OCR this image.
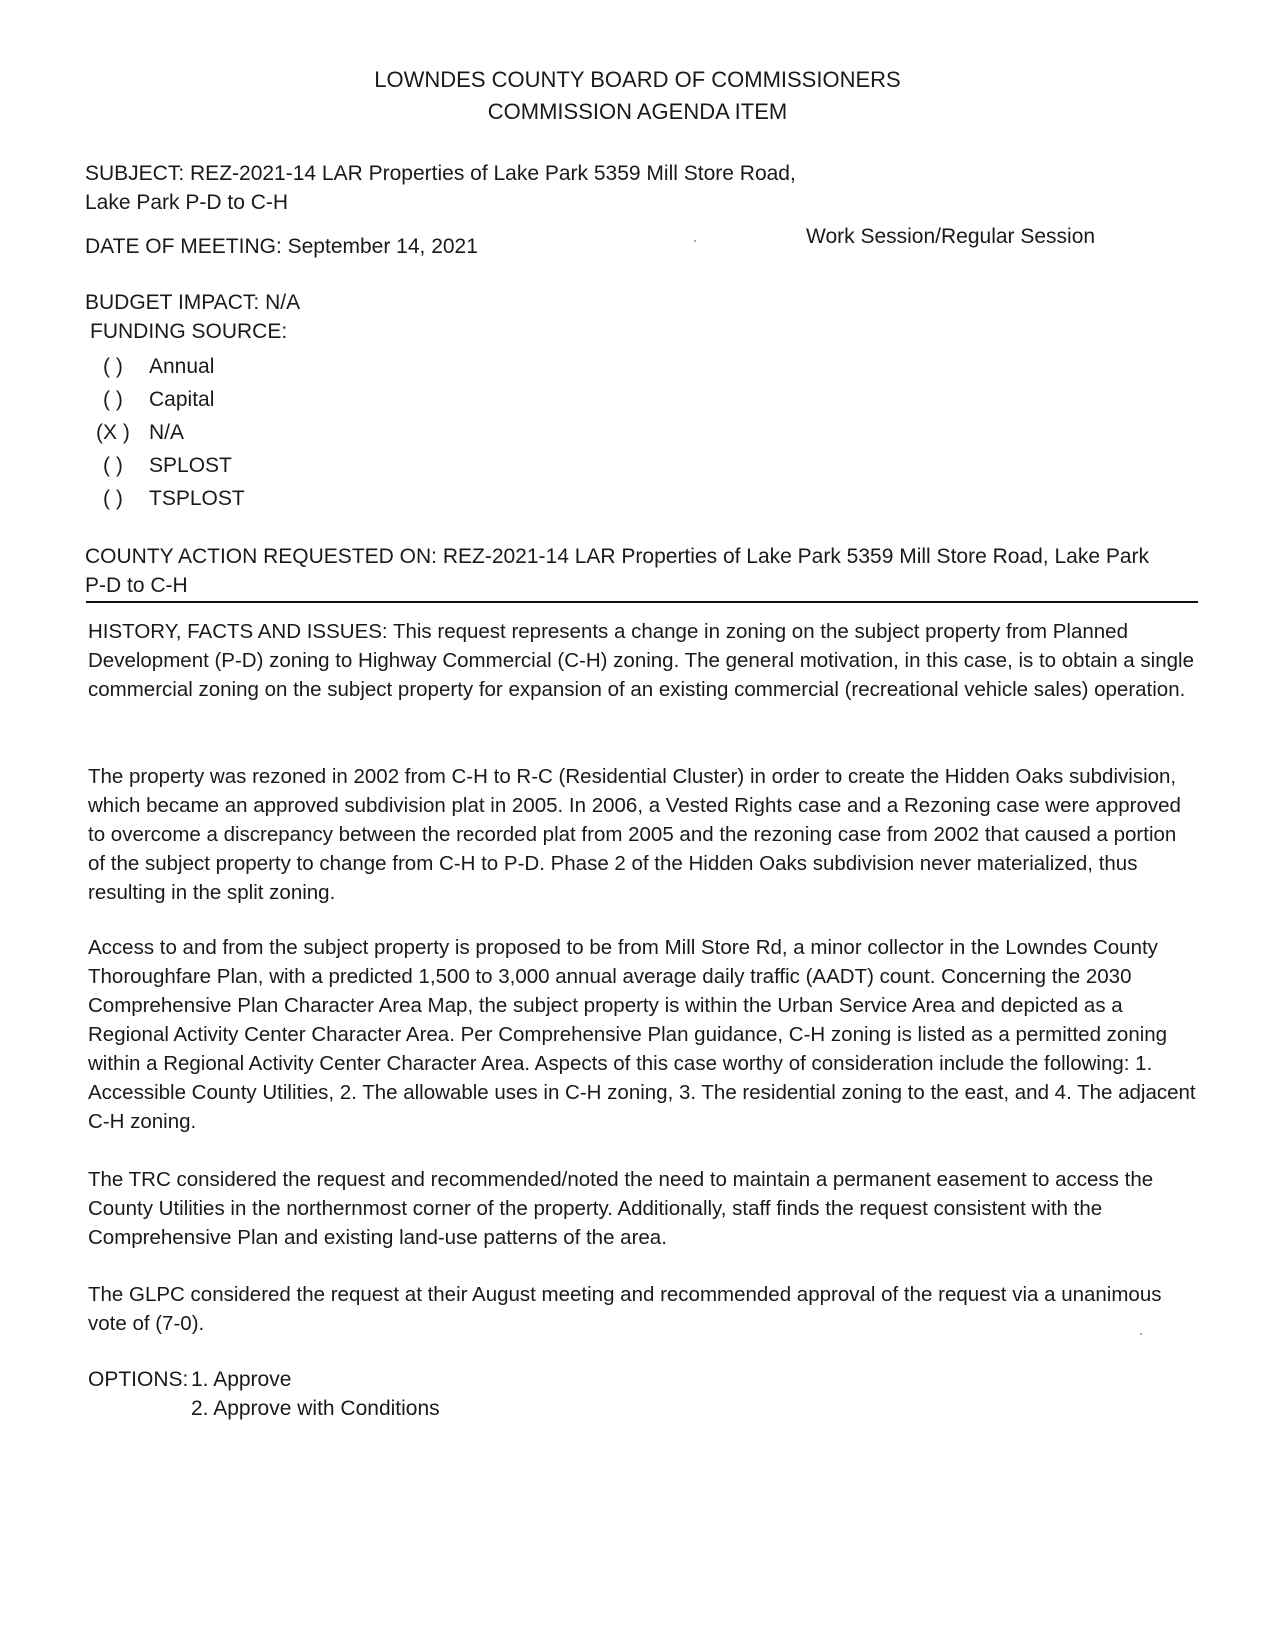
LOWNDES COUNTY BOARD OF COMMISSIONERS
COMMISSION AGENDA ITEM
SUBJECT: REZ-2021-14 LAR Properties of Lake Park 5359 Mill Store Road,
Lake Park P-D to C-H
DATE OF MEETING: September 14, 2021	Work Session/Regular Session
BUDGET IMPACT: N/A
FUNDING SOURCE:
( ) Annual
( ) Capital
(X ) N/A
( ) SPLOST
( ) TSPLOST
COUNTY ACTION REQUESTED ON: REZ-2021-14 LAR Properties of Lake Park 5359 Mill Store Road, Lake Park
P-D to C-H
HISTORY, FACTS AND ISSUES: This request represents a change in zoning on the subject property from Planned Development (P-D) zoning to Highway Commercial (C-H) zoning. The general motivation, in this case, is to obtain a single commercial zoning on the subject property for expansion of an existing commercial (recreational vehicle sales) operation.
The property was rezoned in 2002 from C-H to R-C (Residential Cluster) in order to create the Hidden Oaks subdivision, which became an approved subdivision plat in 2005. In 2006, a Vested Rights case and a Rezoning case were approved to overcome a discrepancy between the recorded plat from 2005 and the rezoning case from 2002 that caused a portion of the subject property to change from C-H to P-D. Phase 2 of the Hidden Oaks subdivision never materialized, thus resulting in the split zoning.
Access to and from the subject property is proposed to be from Mill Store Rd, a minor collector in the Lowndes County Thoroughfare Plan, with a predicted 1,500 to 3,000 annual average daily traffic (AADT) count. Concerning the 2030 Comprehensive Plan Character Area Map, the subject property is within the Urban Service Area and depicted as a Regional Activity Center Character Area. Per Comprehensive Plan guidance, C-H zoning is listed as a permitted zoning within a Regional Activity Center Character Area. Aspects of this case worthy of consideration include the following: 1. Accessible County Utilities, 2. The allowable uses in C-H zoning, 3. The residential zoning to the east, and 4. The adjacent C-H zoning.
The TRC considered the request and recommended/noted the need to maintain a permanent easement to access the County Utilities in the northernmost corner of the property. Additionally, staff finds the request consistent with the Comprehensive Plan and existing land-use patterns of the area.
The GLPC considered the request at their August meeting and recommended approval of the request via a unanimous vote of (7-0).
OPTIONS: 1. Approve
2. Approve with Conditions
